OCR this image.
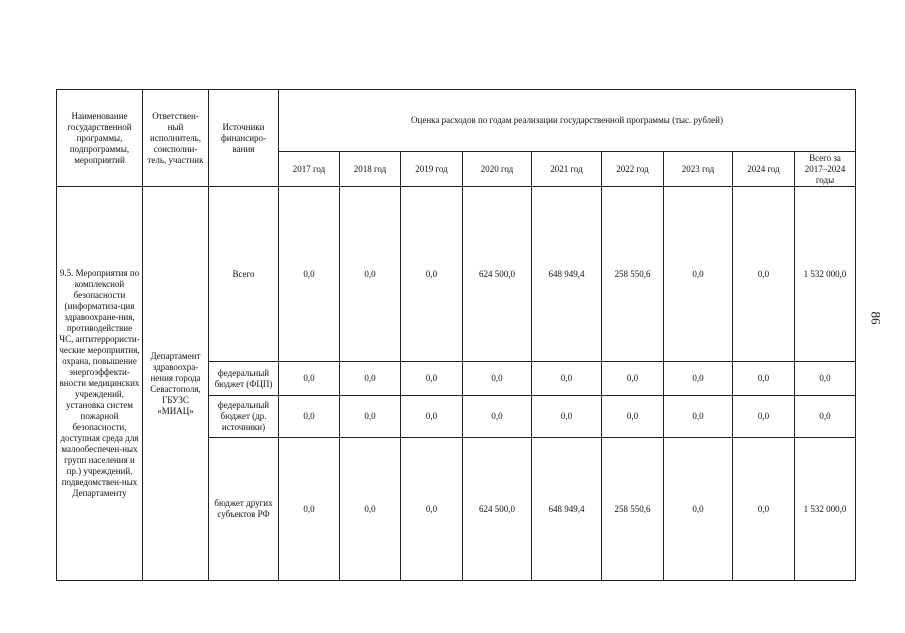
Наименование государственной программы, подпрограммы, мероприятий	Ответствен-ный исполнитель, соисполни-тель, участник	Источники финансиро-вания	Оценка расходов по годам реализации государственной программы (тыс. рублей)								
			2017 год	2018 год	2019 год	2020 год	2021 год	2022 год	2023 год	2024 год	Всего за 2017–2024 годы
9.5. Мероприятия по комплексной безопасности (информатиза-ция здравоохране-ния, противодействие ЧС, антитеррористи-ческие мероприятия, охрана, повышение энергоэффекти-вности медицинских учреждений, установка систем пожарной безопасности, доступная среда для малообеспечен-ных групп населения и пр.) учреждений, подведомствен-ных Департаменту	Департамент здравоохра-нения города Севастополя, ГБУЗС «МИАЦ»	Всего	0,0	0,0	0,0	624 500,0	648 949,4	258 550,6	0,0	0,0	1 532 000,0
		федеральный бюджет (ФЦП)	0,0	0,0	0,0	0,0	0,0	0,0	0,0	0,0	0,0
		федеральный бюджет (др. источники)	0,0	0,0	0,0	0,0	0,0	0,0	0,0	0,0	0,0
		бюджет других субъектов РФ	0,0	0,0	0,0	624 500,0	648 949,4	258 550,6	0,0	0,0	1 532 000,0
86
